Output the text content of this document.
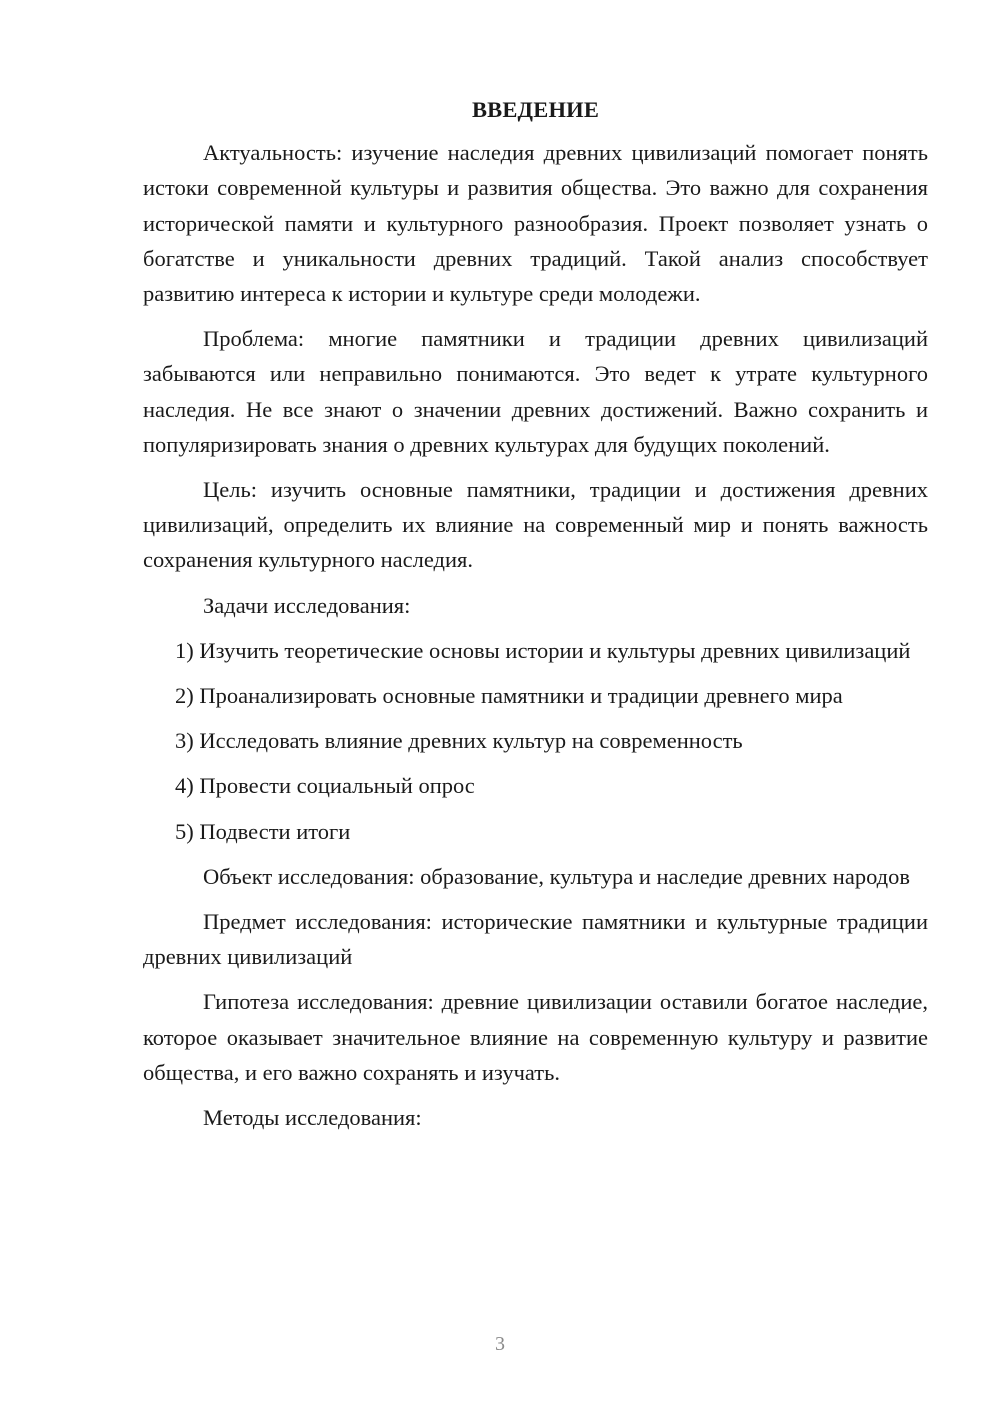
ВВЕДЕНИЕ

Актуальность: изучение наследия древних цивилизаций помогает понять истоки современной культуры и развития общества. Это важно для сохранения исторической памяти и культурного разнообразия. Проект позволяет узнать о богатстве и уникальности древних традиций. Такой анализ способствует развитию интереса к истории и культуре среди молодежи.

Проблема: многие памятники и традиции древних цивилизаций забываются или неправильно понимаются. Это ведет к утрате культурного наследия. Не все знают о значении древних достижений. Важно сохранить и популяризировать знания о древних культурах для будущих поколений.

Цель: изучить основные памятники, традиции и достижения древних цивилизаций, определить их влияние на современный мир и понять важность сохранения культурного наследия.

Задачи исследования:

1) Изучить теоретические основы истории и культуры древних цивилизаций

2) Проанализировать основные памятники и традиции древнего мира

3) Исследовать влияние древних культур на современность

4) Провести социальный опрос

5) Подвести итоги

Объект исследования: образование, культура и наследие древних народов

Предмет исследования: исторические памятники и культурные традиции древних цивилизаций

Гипотеза исследования: древние цивилизации оставили богатое наследие, которое оказывает значительное влияние на современную культуру и развитие общества, и его важно сохранять и изучать.

Методы исследования:

3
